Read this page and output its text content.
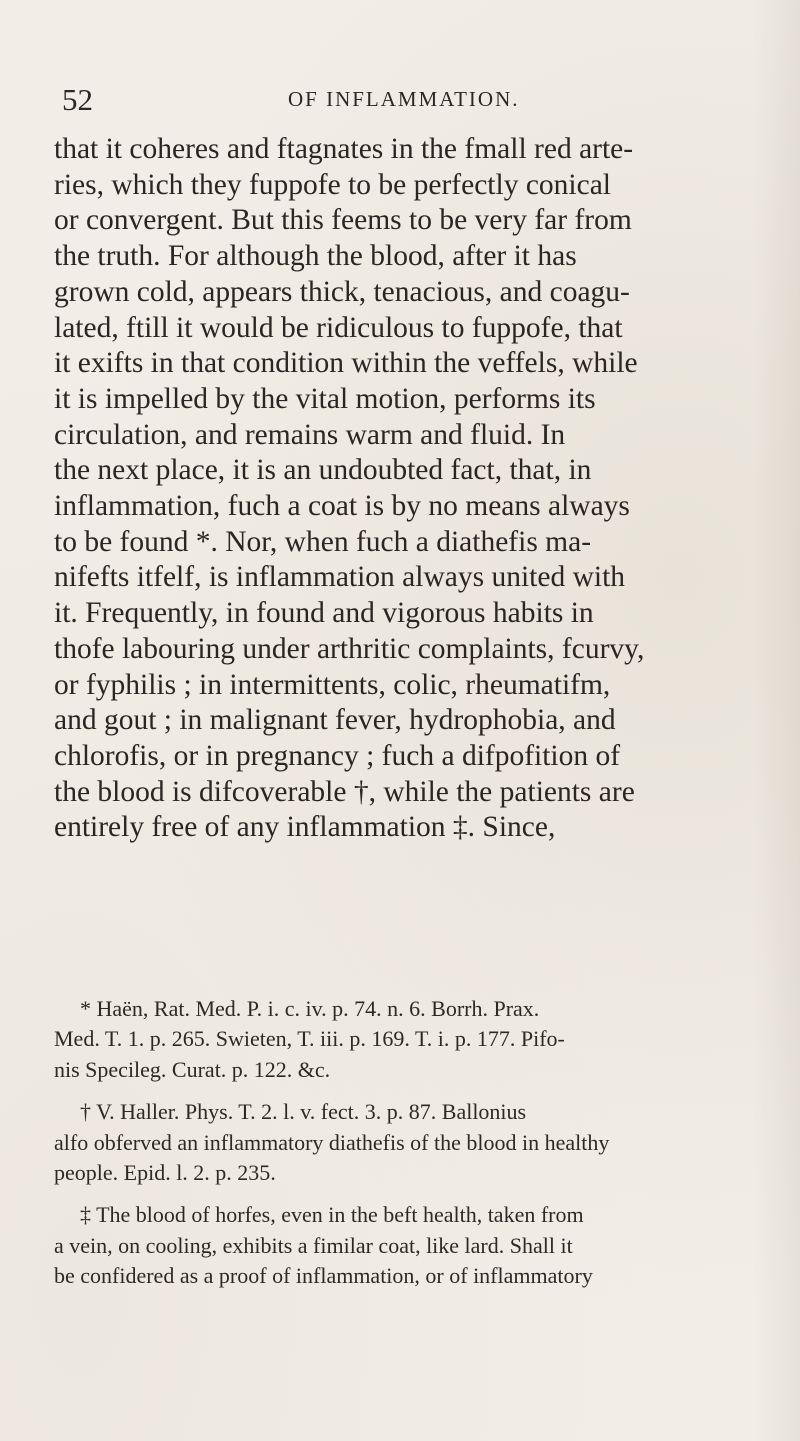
52	OF INFLAMMATION.

that it coheres and ftagnates in the fmall red arte-
ries, which they fuppofe to be perfectly conical
or convergent. But this feems to be very far from
the truth. For although the blood, after it has
grown cold, appears thick, tenacious, and coagu-
lated, ftill it would be ridiculous to fuppofe, that
it exifts in that condition within the veffels, while
it is impelled by the vital motion, performs its
circulation, and remains warm and fluid. In
the next place, it is an undoubted fact, that, in
inflammation, fuch a coat is by no means always
to be found *. Nor, when fuch a diathefis ma-
nifefts itfelf, is inflammation always united with
it. Frequently, in found and vigorous habits in
thofe labouring under arthritic complaints, fcurvy,
or fyphilis ; in intermittents, colic, rheumatifm,
and gout ; in malignant fever, hydrophobia, and
chlorofis, or in pregnancy ; fuch a difpofition of
the blood is difcoverable †, while the patients are
entirely free of any inflammation ‡. Since,

* Haën, Rat. Med. P. i. c. iv. p. 74. n. 6. Borrh. Prax.
Med. T. 1. p. 265. Swieten, T. iii. p. 169. T. i. p. 177. Pifo-
nis Specileg. Curat. p. 122. &c.

† V. Haller. Phys. T. 2. l. v. fect. 3. p. 87. Ballonius
alfo obferved an inflammatory diathefis of the blood in healthy
people. Epid. l. 2. p. 235.

‡ The blood of horfes, even in the beft health, taken from
a vein, on cooling, exhibits a fimilar coat, like lard. Shall it
be confidered as a proof of inflammation, or of inflammatory
